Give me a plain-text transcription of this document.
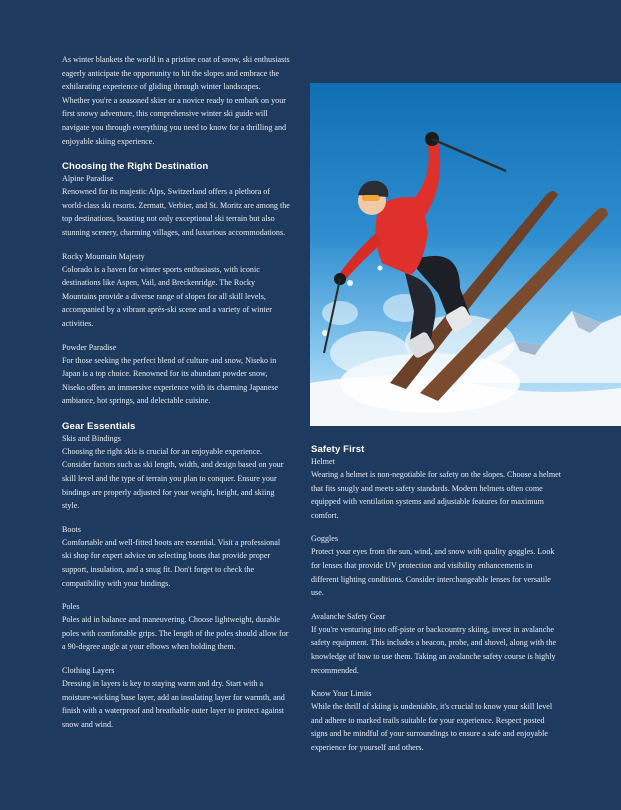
As winter blankets the world in a pristine coat of snow, ski enthusiasts eagerly anticipate the opportunity to hit the slopes and embrace the exhilarating experience of gliding through winter landscapes. Whether you're a seasoned skier or a novice ready to embark on your first snowy adventure, this comprehensive winter ski guide will navigate you through everything you need to know for a thrilling and enjoyable skiing experience.

Choosing the Right Destination

Alpine Paradise

Renowned for its majestic Alps, Switzerland offers a plethora of world-class ski resorts. Zermatt, Verbier, and St. Moritz are among the top destinations, boasting not only exceptional ski terrain but also stunning scenery, charming villages, and luxurious accommodations.

Rocky Mountain Majesty

Colorado is a haven for winter sports enthusiasts, with iconic destinations like Aspen, Vail, and Breckenridge. The Rocky Mountains provide a diverse range of slopes for all skill levels, accompanied by a vibrant après-ski scene and a variety of winter activities.

Powder Paradise

For those seeking the perfect blend of culture and snow, Niseko in Japan is a top choice. Renowned for its abundant powder snow, Niseko offers an immersive experience with its charming Japanese ambiance, hot springs, and delectable cuisine.

Gear Essentials

Skis and Bindings

Choosing the right skis is crucial for an enjoyable experience. Consider factors such as ski length, width, and design based on your skill level and the type of terrain you plan to conquer. Ensure your bindings are properly adjusted for your weight, height, and skiing style.

Boots

Comfortable and well-fitted boots are essential. Visit a professional ski shop for expert advice on selecting boots that provide proper support, insulation, and a snug fit. Don't forget to check the compatibility with your bindings.

Poles

Poles aid in balance and maneuvering. Choose lightweight, durable poles with comfortable grips. The length of the poles should allow for a 90-degree angle at your elbows when holding them.

Clothing Layers

Dressing in layers is key to staying warm and dry. Start with a moisture-wicking base layer, add an insulating layer for warmth, and finish with a waterproof and breathable outer layer to protect against snow and wind.

Safety First

Helmet

Wearing a helmet is non-negotiable for safety on the slopes. Choose a helmet that fits snugly and meets safety standards. Modern helmets often come equipped with ventilation systems and adjustable features for maximum comfort.

Goggles

Protect your eyes from the sun, wind, and snow with quality goggles. Look for lenses that provide UV protection and visibility enhancements in different lighting conditions. Consider interchangeable lenses for versatile use.

Avalanche Safety Gear

If you're venturing into off-piste or backcountry skiing, invest in avalanche safety equipment. This includes a beacon, probe, and shovel, along with the knowledge of how to use them. Taking an avalanche safety course is highly recommended.

Know Your Limits

While the thrill of skiing is undeniable, it's crucial to know your skill level and adhere to marked trails suitable for your experience. Respect posted signs and be mindful of your surroundings to ensure a safe and enjoyable experience for yourself and others.
